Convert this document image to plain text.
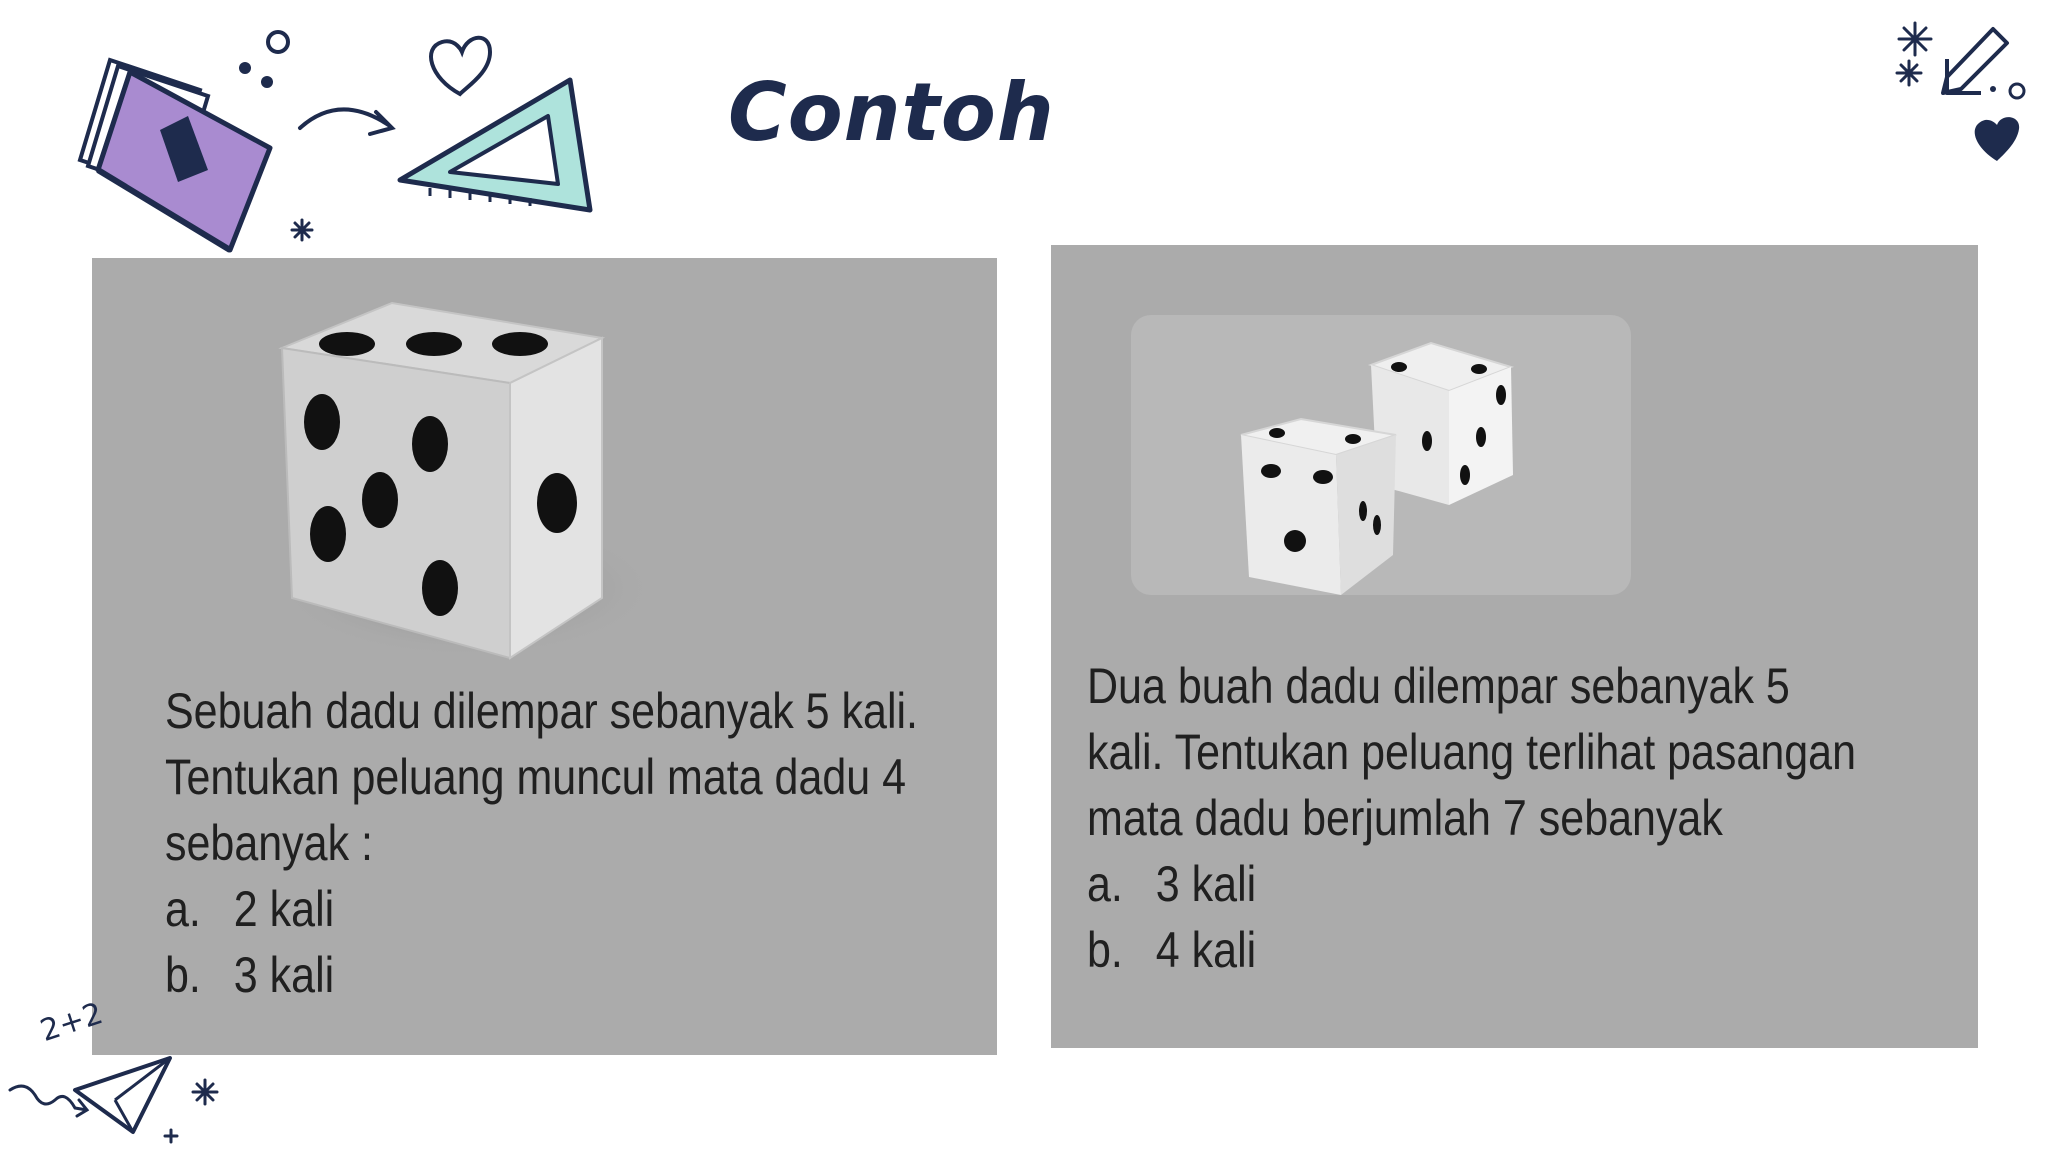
Contoh

Sebuah dadu dilempar sebanyak 5 kali.

Tentukan peluang muncul mata dadu 4

sebanyak :

a. 2 kali
b. 3 kali

Dua buah dadu dilempar sebanyak 5

kali. Tentukan peluang terlihat pasangan

mata dadu berjumlah 7 sebanyak

a. 3 kali
b. 4 kali
2+2
